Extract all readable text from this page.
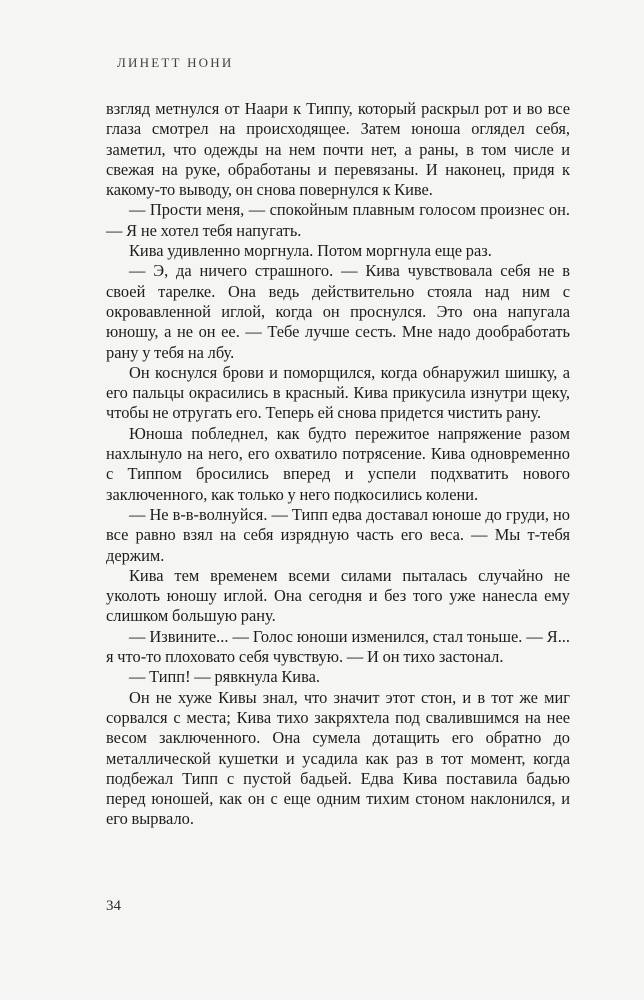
ЛИНЕТТ НОНИ

взгляд метнулся от Наари к Типпу, который раскрыл рот и во все глаза смотрел на происходящее. Затем юноша оглядел себя, заметил, что одежды на нем почти нет, а раны, в том числе и свежая на руке, обработаны и перевязаны. И наконец, придя к какому-то выводу, он снова повернулся к Киве.

— Прости меня, — спокойным плавным голосом произнес он. — Я не хотел тебя напугать.

Кива удивленно моргнула. Потом моргнула еще раз.

— Э, да ничего страшного. — Кива чувствовала себя не в своей тарелке. Она ведь действительно стояла над ним с окровавленной иглой, когда он проснулся. Это она напугала юношу, а не он ее. — Тебе лучше сесть. Мне надо дообработать рану у тебя на лбу.

Он коснулся брови и поморщился, когда обнаружил шишку, а его пальцы окрасились в красный. Кива прикусила изнутри щеку, чтобы не отругать его. Теперь ей снова придется чистить рану.

Юноша побледнел, как будто пережитое напряжение разом нахлынуло на него, его охватило потрясение. Кива одновременно с Типпом бросились вперед и успели подхватить нового заключенного, как только у него подкосились колени.

— Не в-в-волнуйся. — Типп едва доставал юноше до груди, но все равно взял на себя изрядную часть его веса. — Мы т-тебя держим.

Кива тем временем всеми силами пыталась случайно не уколоть юношу иглой. Она сегодня и без того уже нанесла ему слишком большую рану.

— Извините... — Голос юноши изменился, стал тоньше. — Я... я что-то плоховато себя чувствую. — И он тихо застонал.

— Типп! — рявкнула Кива.

Он не хуже Кивы знал, что значит этот стон, и в тот же миг сорвался с места; Кива тихо закряхтела под свалившимся на нее весом заключенного. Она сумела дотащить его обратно до металлической кушетки и усадила как раз в тот момент, когда подбежал Типп с пустой бадьей. Едва Кива поставила бадью перед юношей, как он с еще одним тихим стоном наклонился, и его вырвало.

34
